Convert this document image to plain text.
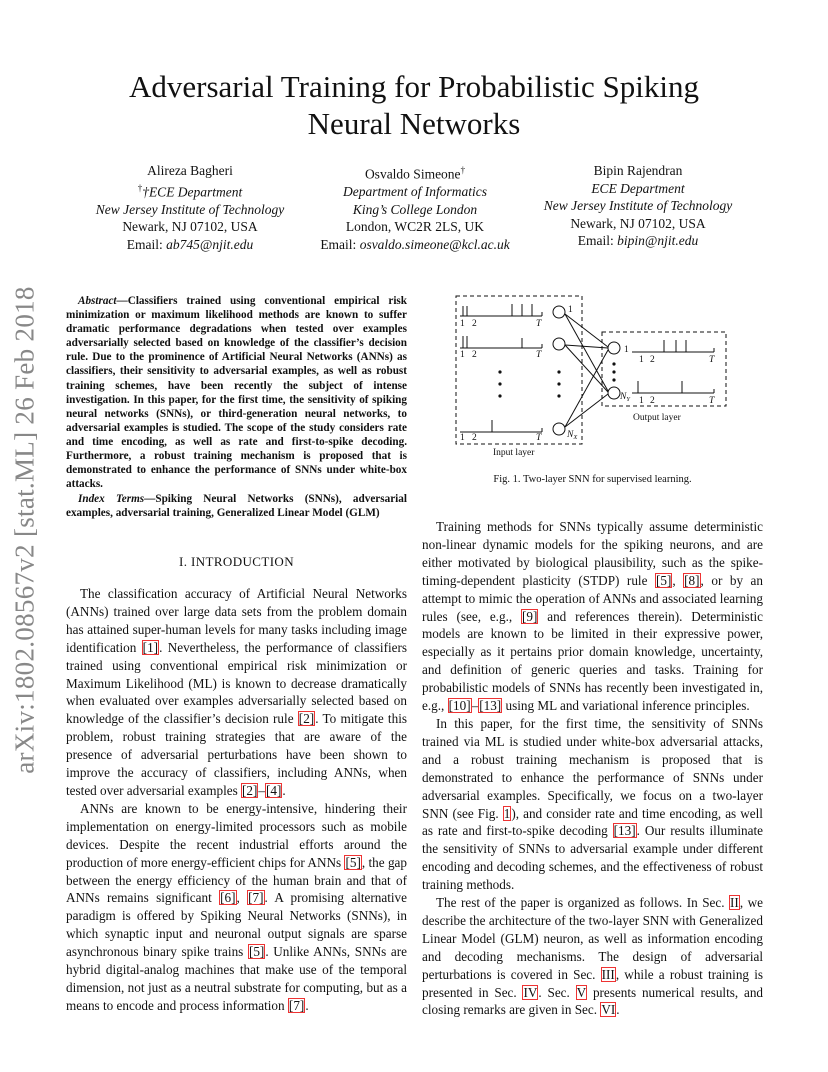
arXiv:1802.08567v2 [stat.ML] 26 Feb 2018
Adversarial Training for Probabilistic Spiking
Neural Networks
Alireza Bagheri
††ECE Department
New Jersey Institute of Technology
Newark, NJ 07102, USA
Email: ab745@njit.edu
Osvaldo Simeone†
Department of Informatics
King’s College London
London, WC2R 2LS, UK
Email: osvaldo.simeone@kcl.ac.uk
Bipin Rajendran
ECE Department
New Jersey Institute of Technology
Newark, NJ 07102, USA
Email: bipin@njit.edu
Abstract—Classifiers trained using conventional empirical risk minimization or maximum likelihood methods are known to suffer dramatic performance degradations when tested over examples adversarially selected based on knowledge of the classifier’s decision rule. Due to the prominence of Artificial Neural Networks (ANNs) as classifiers, their sensitivity to adversarial examples, as well as robust training schemes, have been recently the subject of intense investigation. In this paper, for the first time, the sensitivity of spiking neural networks (SNNs), or third-generation neural networks, to adversarial examples is studied. The scope of the study considers rate and time encoding, as well as rate and first-to-spike decoding. Furthermore, a robust training mechanism is proposed that is demonstrated to enhance the performance of SNNs under white-box attacks.
Index Terms—Spiking Neural Networks (SNNs), adversarial examples, adversarial training, Generalized Linear Model (GLM)
I. INTRODUCTION

The classification accuracy of Artificial Neural Networks (ANNs) trained over large data sets from the problem domain has attained super-human levels for many tasks including image identification [1]. Nevertheless, the performance of classifiers trained using conventional empirical risk minimization or Maximum Likelihood (ML) is known to decrease dramatically when evaluated over examples adversarially selected based on knowledge of the classifier’s decision rule [2]. To mitigate this problem, robust training strategies that are aware of the presence of adversarial perturbations have been shown to improve the accuracy of classifiers, including ANNs, when tested over adversarial examples [2]–[4].

ANNs are known to be energy-intensive, hindering their implementation on energy-limited processors such as mobile devices. Despite the recent industrial efforts around the production of more energy-efficient chips for ANNs [5], the gap between the energy efficiency of the human brain and that of ANNs remains significant [6], [7]. A promising alternative paradigm is offered by Spiking Neural Networks (SNNs), in which synaptic input and neuronal output signals are sparse asynchronous binary spike trains [5]. Unlike ANNs, SNNs are hybrid digital-analog machines that make use of the temporal dimension, not just as a neutral substrate for computing, but as a means to encode and process information [7].

Training methods for SNNs typically assume deterministic non-linear dynamic models for the spiking neurons, and are either motivated by biological plausibility, such as the spike-timing-dependent plasticity (STDP) rule [5], [8], or by an attempt to mimic the operation of ANNs and associated learning rules (see, e.g., [9] and references therein). Deterministic models are known to be limited in their expressive power, especially as it pertains prior domain knowledge, uncertainty, and definition of generic queries and tasks. Training for probabilistic models of SNNs has recently been investigated in, e.g., [10]–[13] using ML and variational inference principles.

In this paper, for the first time, the sensitivity of SNNs trained via ML is studied under white-box adversarial attacks, and a robust training mechanism is proposed that is demonstrated to enhance the performance of SNNs under adversarial examples. Specifically, we focus on a two-layer SNN (see Fig. 1), and consider rate and time encoding, as well as rate and first-to-spike decoding [13]. Our results illuminate the sensitivity of SNNs to adversarial example under different encoding and decoding schemes, and the effectiveness of robust training methods.

The rest of the paper is organized as follows. In Sec. II, we describe the architecture of the two-layer SNN with Generalized Linear Model (GLM) neuron, as well as information encoding and decoding mechanisms. The design of adversarial perturbations is covered in Sec. III, while a robust training is presented in Sec. IV. Sec. V presents numerical results, and closing remarks are given in Sec. VI.

1 2	T
1 2	T
1 2	T
1
$N_X$
1
1 2	T
$N_Y$ 1 2	T
Input layer
Output layer
Fig. 1. Two-layer SNN for supervised learning.
